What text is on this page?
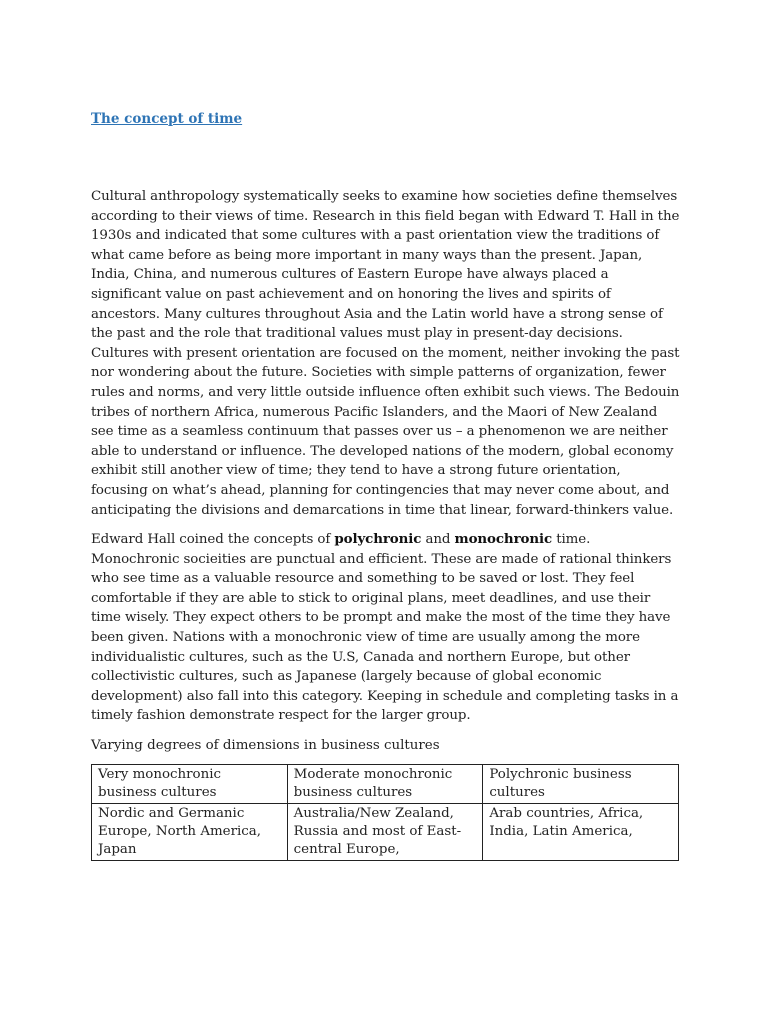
The concept of time

Cultural anthropology systematically seeks to examine how societies define themselves according to their views of time. Research in this field began with Edward T. Hall in the 1930s and indicated that some cultures with a past orientation view the traditions of what came before as being more important in many ways than the present. Japan, India, China, and numerous cultures of Eastern Europe have always placed a significant value on past achievement and on honoring the lives and spirits of ancestors. Many cultures throughout Asia and the Latin world have a strong sense of the past and the role that traditional values must play in present-day decisions. Cultures with present orientation are focused on the moment, neither invoking the past nor wondering about the future. Societies with simple patterns of organization, fewer rules and norms, and very little outside influence often exhibit such views. The Bedouin tribes of northern Africa, numerous Pacific Islanders, and the Maori of New Zealand see time as a seamless continuum that passes over us – a phenomenon we are neither able to understand or influence. The developed nations of the modern, global economy exhibit still another view of time; they tend to have a strong future orientation, focusing on what’s ahead, planning for contingencies that may never come about, and anticipating the divisions and demarcations in time that linear, forward-thinkers value.

Edward Hall coined the concepts of polychronic and monochronic time. Monochronic socieities are punctual and efficient. These are made of rational thinkers who see time as a valuable resource and something to be saved or lost. They feel comfortable if they are able to stick to original plans, meet deadlines, and use their time wisely. They expect others to be prompt and make the most of the time they have been given. Nations with a monochronic view of time are usually among the more individualistic cultures, such as the U.S, Canada and northern Europe, but other collectivistic cultures, such as Japanese (largely because of global economic development) also fall into this category. Keeping in schedule and completing tasks in a timely fashion demonstrate respect for the larger group.

Varying degrees of dimensions in business cultures
Very monochronic business cultures	Moderate monochronic business cultures	Polychronic business cultures
Nordic and Germanic Europe, North America, Japan	Australia/New Zealand, Russia and most of East-central Europe,	Arab countries, Africa, India, Latin America,
